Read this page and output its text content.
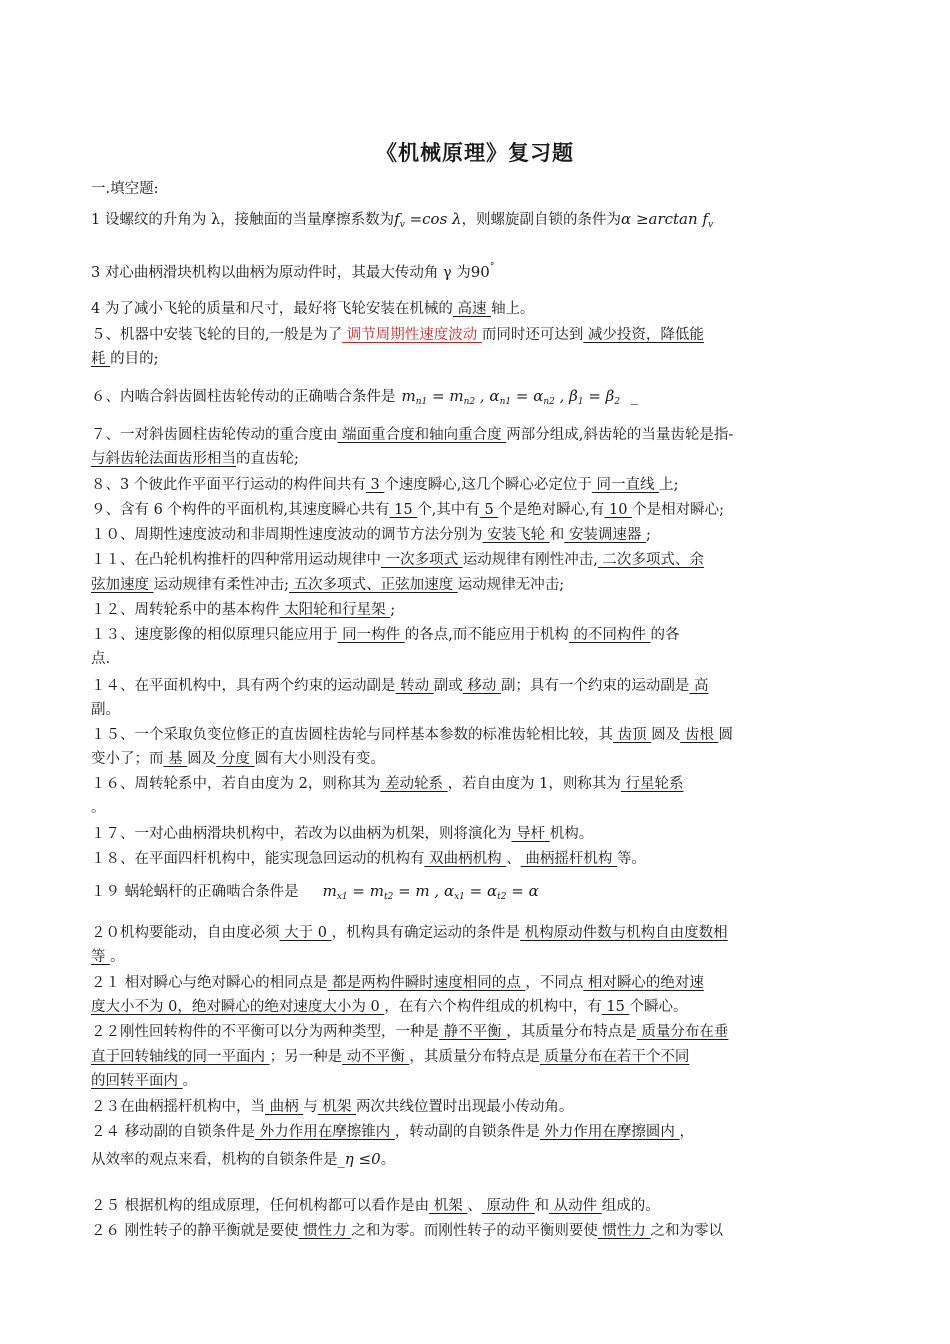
《机械原理》复习题
一.填空题:
1 设螺纹的升角为 λ，接触面的当量摩擦系数为$f_v =\cos$ λ，则螺旋副自锁的条件为α ≥arctan $f_v$
3 对心曲柄滑块机构以曲柄为原动件时，其最大传动角 γ 为90°
4 为了减小飞轮的质量和尺寸，最好将飞轮安装在机械的 高速 轴上。
５、机器中安装飞轮的目的,一般是为了 调节周期性速度波动 而同时还可达到 减少投资，降低能
耗 的目的;
６、内啮合斜齿圆柱齿轮传动的正确啮合条件是 $m_{n1} = m_{n2}$ , $\alpha_{n1} = \alpha_{n2}$ , $\beta_1 = \beta_2$ _
７、一对斜齿圆柱齿轮传动的重合度由 端面重合度和轴向重合度 两部分组成,斜齿轮的当量齿轮是指-
与斜齿轮法面齿形相当的直齿轮;
８、3 个彼此作平面平行运动的构件间共有 3 个速度瞬心,这几个瞬心必定位于 同一直线 上;
９、含有 6 个构件的平面机构,其速度瞬心共有 15 个,其中有 5 个是绝对瞬心,有 10 个是相对瞬心;
１０、周期性速度波动和非周期性速度波动的调节方法分别为 安装飞轮 和 安装调速器 ;
１１、在凸轮机构推杆的四种常用运动规律中 一次多项式 运动规律有刚性冲击, 二次多项式、余
弦加速度 运动规律有柔性冲击; 五次多项式、正弦加速度 运动规律无冲击;
１２、周转轮系中的基本构件 太阳轮和行星架 ;
１３、速度影像的相似原理只能应用于 同一构件 的各点,而不能应用于机构 的不同构件 的各
点.
１４、在平面机构中，具有两个约束的运动副是 转动 副或 移动 副；具有一个约束的运动副是 高
副。
１５、一个采取负变位修正的直齿圆柱齿轮与同样基本参数的标准齿轮相比较，其 齿顶 圆及 齿根 圆
变小了；而 基 圆及 分度 圆有大小则没有变。
１６、周转轮系中，若自由度为 2，则称其为 差动轮系 ，若自由度为 1，则称其为 行星轮系
。
１７、一对心曲柄滑块机构中，若改为以曲柄为机架，则将演化为 导杆 机构。
１８、在平面四杆机构中，能实现急回运动的机构有 双曲柄机构 、 曲柄摇杆机构 等。
１９ 蜗轮蜗杆的正确啮合条件是 $m_{x1} = m_{t2} = m$ , $\alpha_{x1} = \alpha_{t2} = \alpha$
２０机构要能动，自由度必须 大于 0 ，机构具有确定运动的条件是 机构原动件数与机构自由度数相
等 。
２１ 相对瞬心与绝对瞬心的相同点是 都是两构件瞬时速度相同的点 ，不同点 相对瞬心的绝对速
度大小不为 0，绝对瞬心的绝对速度大小为 0 ，在有六个构件组成的机构中，有 15 个瞬心。
２２刚性回转构件的不平衡可以分为两种类型，一种是 静不平衡 ，其质量分布特点是 质量分布在垂
直于回转轴线的同一平面内 ；另一种是 动不平衡 ，其质量分布特点是 质量分布在若干个不同
的回转平面内 。
２３在曲柄摇杆机构中，当 曲柄 与 机架 两次共线位置时出现最小传动角。
２４ 移动副的自锁条件是 外力作用在摩擦锥内 ，转动副的自锁条件是 外力作用在摩擦圆内 ，
从效率的观点来看，机构的自锁条件是_η ≤0。
２５ 根据机构的组成原理，任何机构都可以看作是由 机架 、 原动件 和 从动件 组成的。
２６ 刚性转子的静平衡就是要使 惯性力 之和为零。而刚性转子的动平衡则要使 惯性力 之和为零以
